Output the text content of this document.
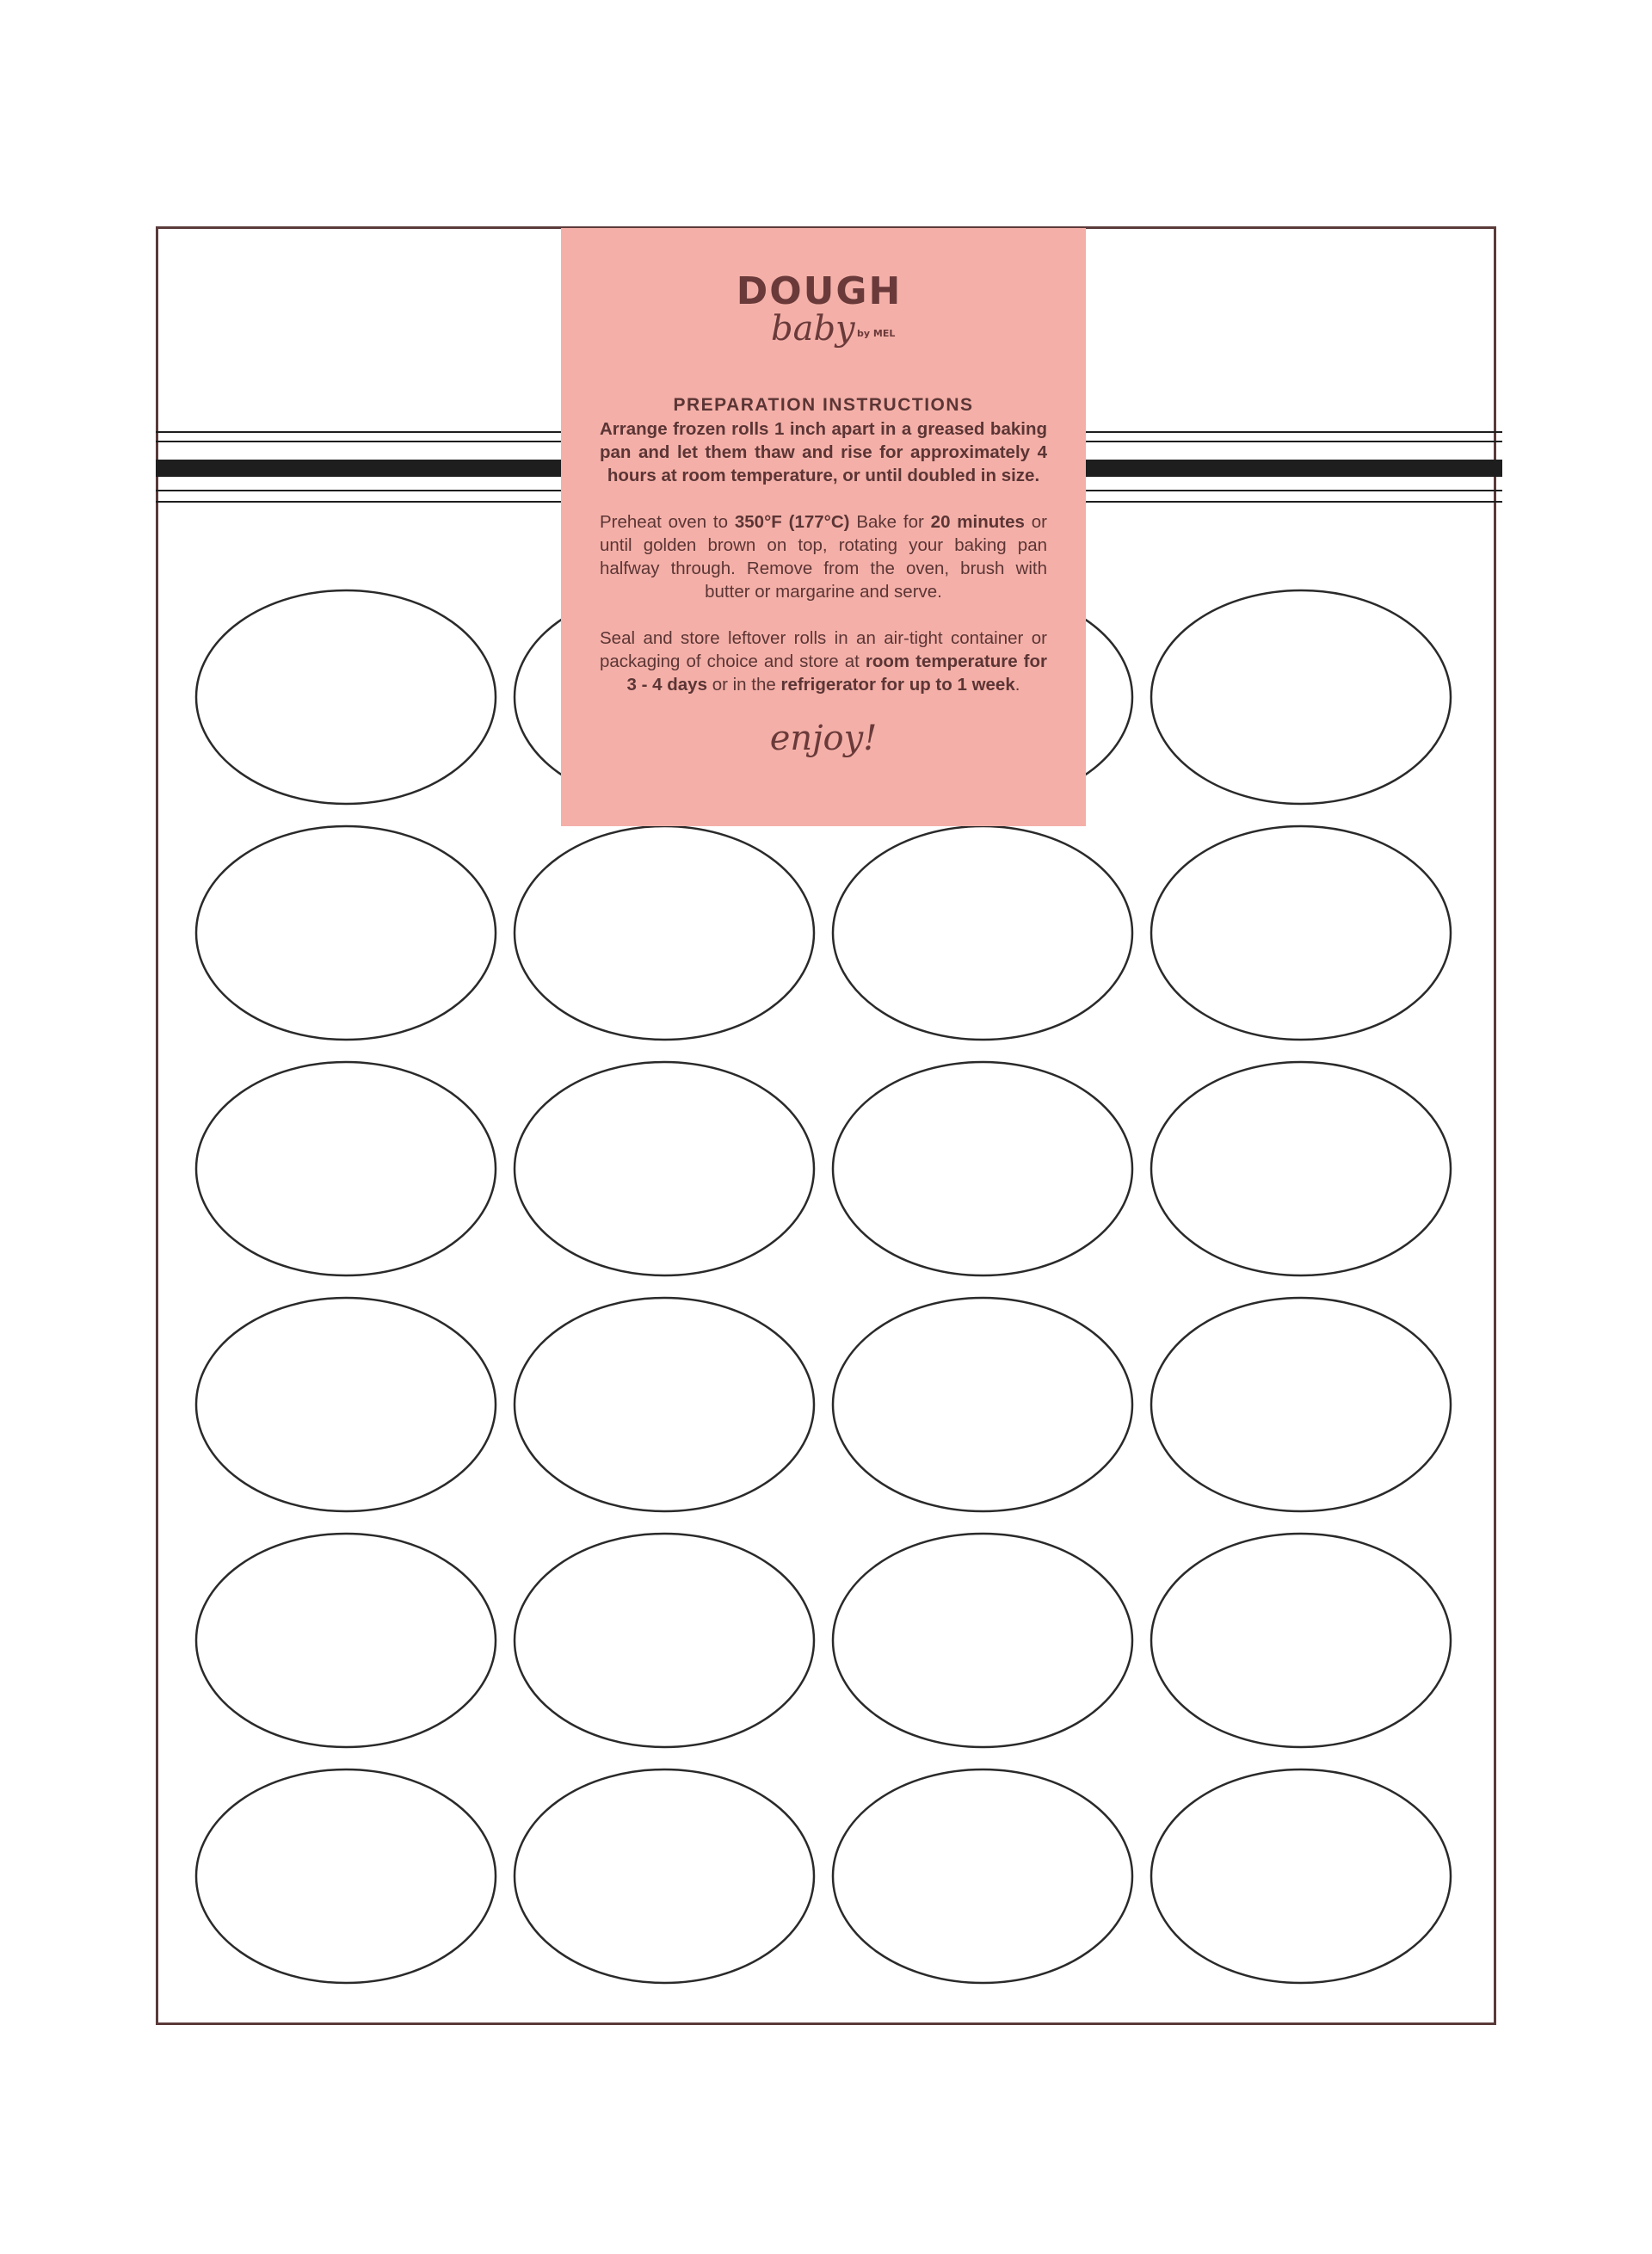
DOUGH
baby by MEL
PREPARATION INSTRUCTIONS

Arrange frozen rolls 1 inch apart in a greased baking pan and let them thaw and rise for approximately 4 hours at room temperature, or until doubled in size.

Preheat oven to 350°F (177°C) Bake for 20 minutes or until golden brown on top, rotating your baking pan halfway through. Remove from the oven, brush with butter or margarine and serve.

Seal and store leftover rolls in an air-tight container or packaging of choice and store at room temperature for 3 - 4 days or in the refrigerator for up to 1 week.

enjoy!
